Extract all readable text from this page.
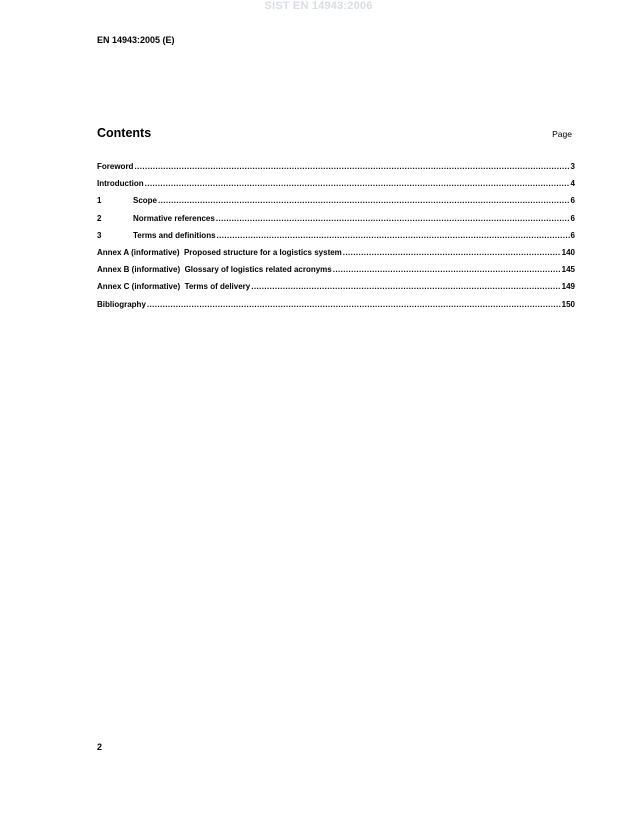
SIST EN 14943:2006
EN 14943:2005 (E)
Contents	Page
Foreword .....	3
Introduction .....	4
1	Scope .....	6
2	Normative references .....	6
3	Terms and definitions .....	6
Annex A (informative)  Proposed structure for a logistics system .....	140
Annex B (informative)  Glossary of logistics related acronyms .....	145
Annex C (informative)  Terms of delivery .....	149
Bibliography .....	150
2
